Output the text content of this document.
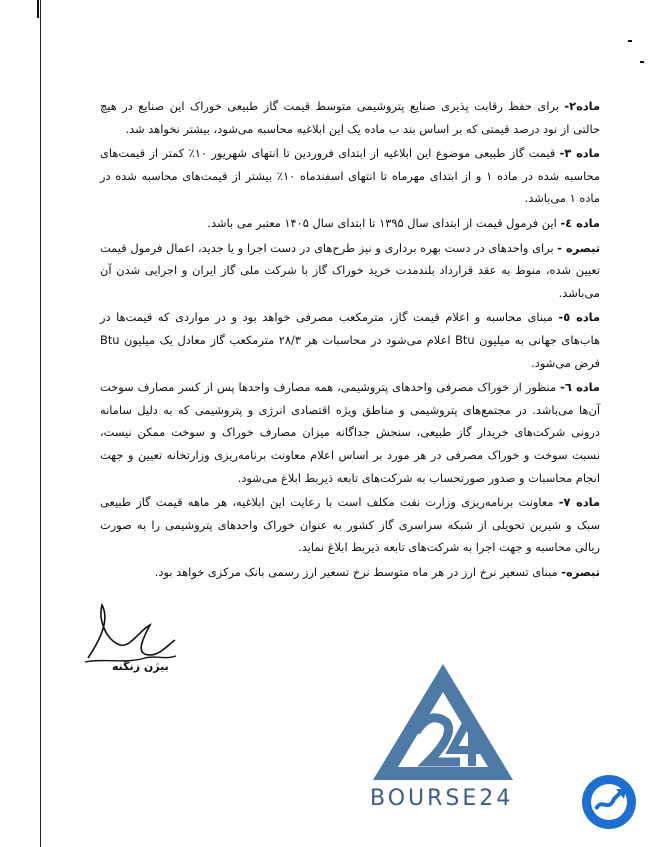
ماده۲- برای حفظ رقابت پذیری صنایع پتروشیمی متوسط قیمت گاز طبیعی خوراک این صنایع در هیچ حالتی از نود درصد قیمتی که بر اساس بند ب ماده یک این ابلاغیه محاسبه می‌شود، بیشتر نخواهد شد.

ماده ۳- قیمت گاز طبیعی موضوع این ابلاغیه از ابتدای فروردین تا انتهای شهریور ۱۰٪ کمتر از قیمت‌های محاسبه شده در ماده ۱ و از ابتدای مهرماه تا انتهای اسفندماه ۱۰٪ بیشتر از قیمت‌های محاسبه شده در ماده ۱ می‌باشد.

ماده ٤- این فرمول قیمت از ابتدای سال ۱۳۹۵ تا ابتدای سال ۱۴۰۵ معتبر می باشد.

تبصره - برای واحدهای در دست بهره برداری و نیز طرح‌های در دست اجرا و یا جدید، اعمال فرمول قیمت تعیین شده، منوط به عقد قرارداد بلندمدت خرید خوراک گاز با شرکت ملی گاز ایران و اجرایی شدن آن می‌باشد.

ماده ٥- مبنای محاسبه و اعلام قیمت گاز، مترمکعب مصرفی خواهد بود و در مواردی که قیمت‌ها در هاب‌های جهانی به میلیون Btu اعلام می‌شود در محاسبات هر ۲۸/۳ مترمکعب گاز معادل یک میلیون Btu فرض می‌شود.

ماده ٦- منظور از خوراک مصرفی واحدهای پتروشیمی، همه مصارف واحدها پس از کسر مصارف سوخت آن‌ها می‌باشد. در مجتمع‌های پتروشیمی و مناطق ویژه اقتصادی انرژی و پتروشیمی که به دلیل سامانه درونی شرکت‌های خریدار گاز طبیعی، سنجش جداگانه میزان مصارف خوراک و سوخت ممکن نیست، نسبت سوخت و خوراک مصرفی در هر مورد بر اساس اعلام معاونت برنامه‌ریزی وزارتخانه تعیین و جهت انجام محاسبات و صدور صورتحساب به شرکت‌های تابعه ذیربط ابلاغ می‌شود.

ماده ۷- معاونت برنامه‌ریزی وزارت نفت مکلف است با رعایت این ابلاغیه، هر ماهه قیمت گاز طبیعی سبک و شیرین تحویلی از شبکه سراسری گاز کشور به عنوان خوراک واحدهای پتروشیمی را به صورت ریالی محاسبه و جهت اجرا به شرکت‌های تابعه ذیربط ابلاغ نماید.

تبصره- مبنای تسعیر نرخ ارز در هر ماه متوسط نرخ تسعیر ارز رسمی بانک مرکزی خواهد بود.

بیژن زنگنه
BOURSE24
